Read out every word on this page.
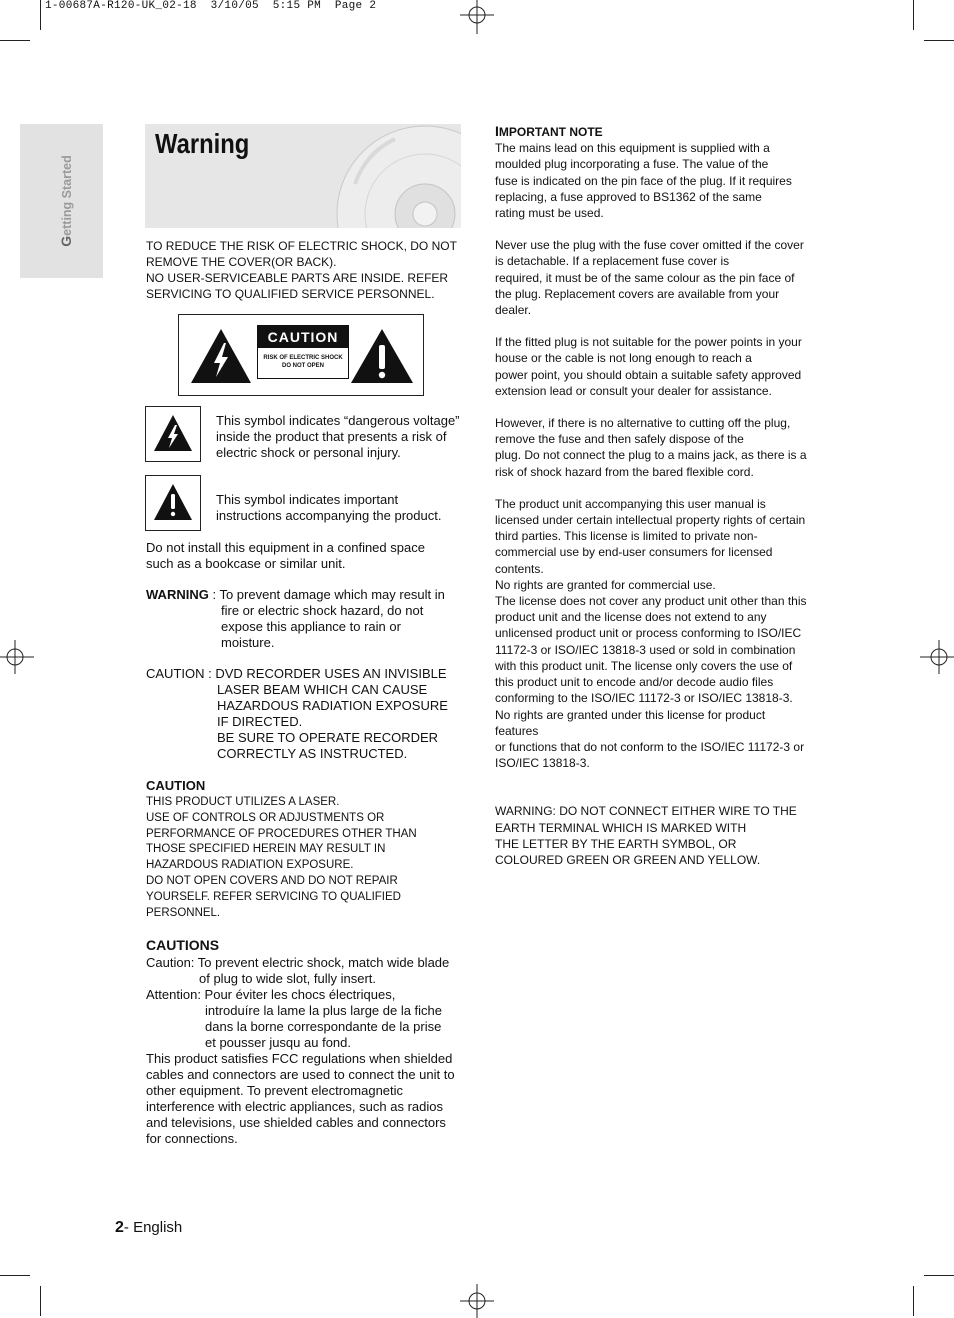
1-00687A-R120-UK_02-18  3/10/05  5:15 PM  Page 2
Getting Started
Warning

TO REDUCE THE RISK OF ELECTRIC SHOCK, DO NOT REMOVE THE COVER(OR BACK).

NO USER-SERVICEABLE PARTS ARE INSIDE. REFER SERVICING TO QUALIFIED SERVICE PERSONNEL.

CAUTION
RISK OF ELECTRIC SHOCK
DO NOT OPEN
This symbol indicates “dangerous voltage” inside the product that presents a risk of electric shock or personal injury.
This symbol indicates important instructions accompanying the product.
Do not install this equipment in a confined space such as a bookcase or similar unit.
WARNING : To prevent damage which may result in
fire or electric shock hazard, do not
expose this appliance to rain or
moisture.
CAUTION : DVD RECORDER USES AN INVISIBLE
LASER BEAM WHICH CAN CAUSE
HAZARDOUS RADIATION EXPOSURE
IF DIRECTED.
BE SURE TO OPERATE RECORDER
CORRECTLY AS INSTRUCTED.
CAUTION

THIS PRODUCT UTILIZES A LASER.

USE OF CONTROLS OR ADJUSTMENTS OR PERFORMANCE OF PROCEDURES OTHER THAN THOSE SPECIFIED HEREIN MAY RESULT IN HAZARDOUS RADIATION EXPOSURE.

DO NOT OPEN COVERS AND DO NOT REPAIR YOURSELF. REFER SERVICING TO QUALIFIED PERSONNEL.

CAUTIONS
Caution: To prevent electric shock, match wide blade
of plug to wide slot, fully insert.
Attention: Pour éviter les chocs électriques,
introduíre la lame la plus large de la fiche
dans la borne correspondante de la prise
et pousser jusqu au fond.

This product satisfies FCC regulations when shielded cables and connectors are used to connect the unit to other equipment. To prevent electromagnetic interference with electric appliances, such as radios and televisions, use shielded cables and connectors for connections.

IMPORTANT NOTE
The mains lead on this equipment is supplied with a
moulded plug incorporating a fuse. The value of the
fuse is indicated on the pin face of the plug. If it requires
replacing, a fuse approved to BS1362 of the same
rating must be used.
Never use the plug with the fuse cover omitted if the cover
is detachable. If a replacement fuse cover is
required, it must be of the same colour as the pin face of
the plug. Replacement covers are available from your
dealer.
If the fitted plug is not suitable for the power points in your
house or the cable is not long enough to reach a
power point, you should obtain a suitable safety approved
extension lead or consult your dealer for assistance.
However, if there is no alternative to cutting off the plug,
remove the fuse and then safely dispose of the
plug. Do not connect the plug to a mains jack, as there is a
risk of shock hazard from the bared flexible cord.
The product unit accompanying this user manual is
licensed under certain intellectual property rights of certain
third parties. This license is limited to private non-
commercial use by end-user consumers for licensed
contents.
No rights are granted for commercial use.
The license does not cover any product unit other than this
product unit and the license does not extend to any
unlicensed product unit or process conforming to ISO/IEC
11172-3 or ISO/IEC 13818-3 used or sold in combination
with this product unit. The license only covers the use of
this product unit to encode and/or decode audio files
conforming to the ISO/IEC 11172-3 or ISO/IEC 13818-3.
No rights are granted under this license for product features
or functions that do not conform to the ISO/IEC 11172-3 or
ISO/IEC 13818-3.
WARNING: DO NOT CONNECT EITHER WIRE TO THE
EARTH TERMINAL WHICH IS MARKED WITH
THE LETTER BY THE EARTH SYMBOL, OR
COLOURED GREEN OR GREEN AND YELLOW.
2- English
